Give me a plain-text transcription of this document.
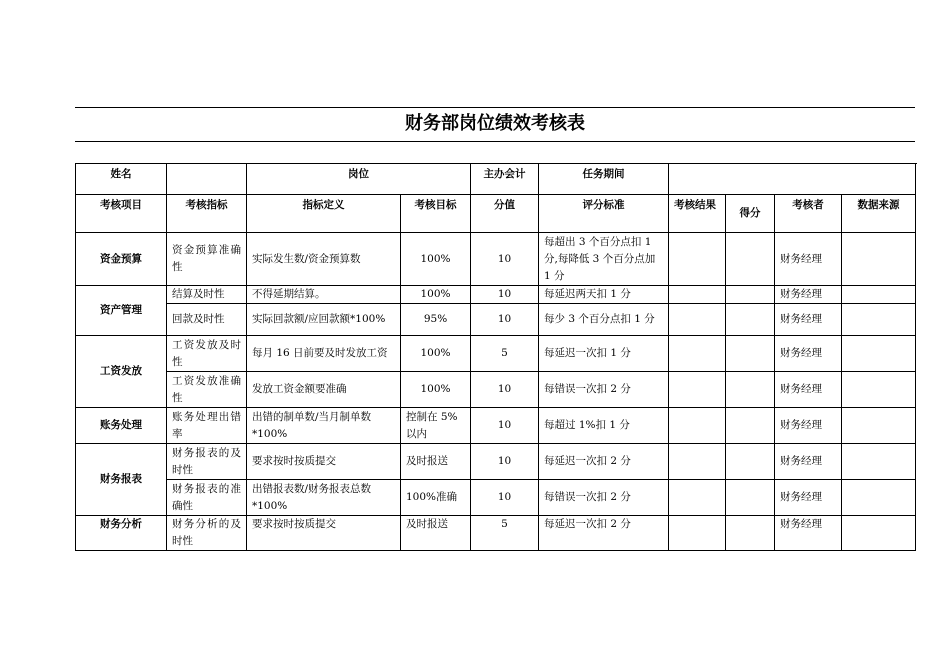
财务部岗位绩效考核表
姓名		岗位		主办会计	任务期间				
考核项目	考核指标	指标定义	考核目标	分值	评分标准	考核结果	得分	考核者	数据来源
资金预算	资金预算准确性	实际发生数/资金预算数	100%	10	每超出 3 个百分点扣 1 分,每降低 3 个百分点加 1 分			财务经理	
资产管理	结算及时性	不得延期结算。	100%	10	每延迟两天扣 1 分			财务经理	
	回款及时性	实际回款额/应回款额*100%	95%	10	每少 3 个百分点扣 1 分			财务经理	
工资发放	工资发放及时性	每月 16 日前要及时发放工资	100%	5	每延迟一次扣 1 分			财务经理	
	工资发放准确性	发放工资金额要准确	100%	10	每错误一次扣 2 分			财务经理	
账务处理	账务处理出错率	出错的制单数/当月制单数*100%	控制在 5%以内	10	每超过 1%扣 1 分			财务经理	
财务报表	财务报表的及时性	要求按时按质提交	及时报送	10	每延迟一次扣 2 分			财务经理	
	财务报表的准确性	出错报表数/财务报表总数*100%	100%准确	10	每错误一次扣 2 分			财务经理	
财务分析	财务分析的及时性	要求按时按质提交	及时报送	5	每延迟一次扣 2 分			财务经理	
